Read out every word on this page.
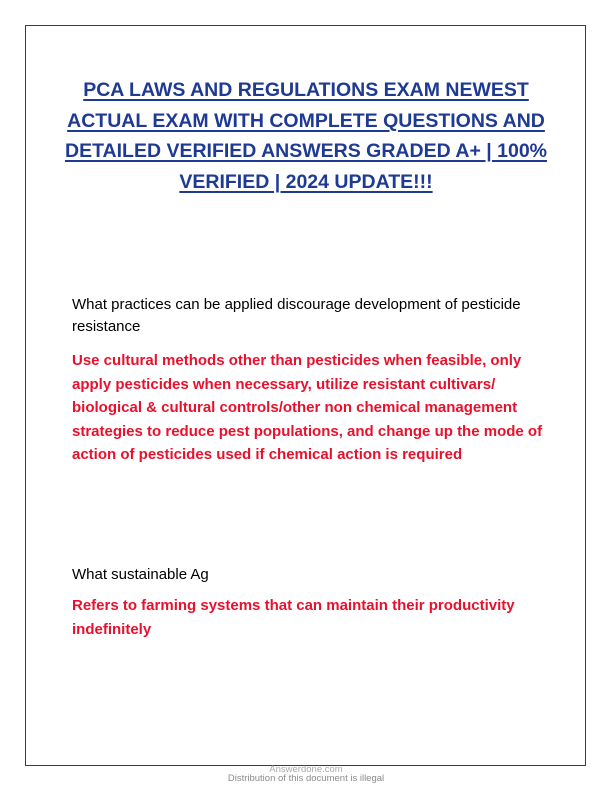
PCA LAWS AND REGULATIONS EXAM NEWEST ACTUAL EXAM WITH COMPLETE QUESTIONS AND DETAILED VERIFIED ANSWERS GRADED A+ | 100% VERIFIED | 2024 UPDATE!!!

What practices can be applied discourage development of pesticide resistance

Use cultural methods other than pesticides when feasible, only apply pesticides when necessary, utilize resistant cultivars/ biological & cultural controls/other non chemical management strategies to reduce pest populations, and change up the mode of action of pesticides used if chemical action is required

What sustainable Ag

Refers to farming systems that can maintain their productivity indefinitely

Answerdone.com
Distribution of this document is illegal
